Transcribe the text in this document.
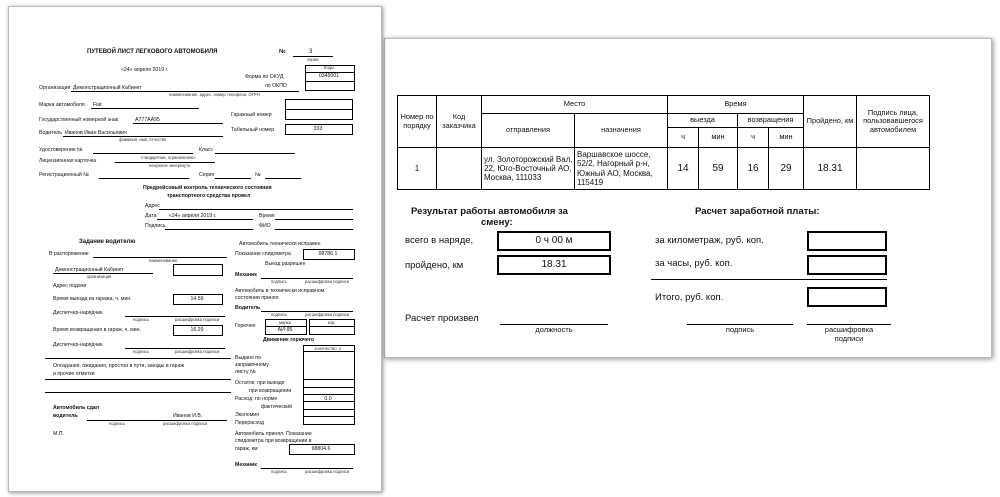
Номер по порядку	Код заказчика	Место		Время				Пройдено, км	Подпись лица, пользовавшегося автомобилем
		отправления	назначения	выезда		возвращения			
				ч	мин	ч	мин		
1		ул. Золоторожский Вал, 22, Юго-Восточный АО, Москва, 111033	Варшавское шоссе, 52/2, Нагорный р-н, Южный АО, Москва, 115419	14	59	16	29	18.31	
Результат работы автомобиля за
смену:
всего в наряде,	0 ч 00 м
пройдено, км	18.31
Расчет заработной платы:
за километраж, руб. коп.
за часы, руб. коп.
Итого, руб. коп.
Расчет произвел
должность	подпись	расшифровка
подписи
ПУТЕВОЙ ЛИСТ ЛЕГКОВОГО АВТОМОБИЛЯ	№	3
серия
«24» апреля 2019 г.	Коды
0345001
Форма по ОКУД
по ОКПО
Организация Демонстрационный Кабинет
наименование, адрес, номер телефона, ОГРН
Марка автомобиля Fiat
Гаражный номер
Государственный номерной знак	А777АА95
Табельный номер	333
Водитель Иванов Иван Васильевич
фамилия, имя, отчество
Удостоверение №	Класс
Лицензионная карточка
стандартная, ограниченная
ненужное зачеркнуть
Регистрационный №	Серия	№
Предрейсовый контроль технического состояния
транспортного средства провел
Адрес
Дата «24» апреля 2019 г.	Время
Подпись	ФИО
Задание водителю
В распоряжение
наименование
Демонстрационный Кабинет
организация
Адрес подачи
Время выезда из гаража, ч. мин.	14.59
Диспетчер-нарядчик
подпись	расшифровка подписи
Время возвращения в гараж, ч. мин.	16.29
Диспетчер-нарядчик
подпись	расшифровка подписи
Опоздания, ожидания, простои в пути, заезды в гараж
и прочие отметки
Автомобиль сдал
водитель	Иванов И.В.
подпись	расшифровка подписи
М.П.
Автомобиль технически исправен
Показание спидометра	98786.1
Выезд разрешен
Механик
подпись	расшифровка подписи
Автомобиль в технически исправном
состоянии принял
Водитель
подпись	расшифровка подписи
Горючее
марка
АИ-95
код
Движение горючего
количество, л
0.0
Выдано по
заправочному
листу №
Остаток: при выезде
при возвращении
Расход: по норме
фактический
Экономия
Перерасход
Автомобиль принял. Показание
спидометра при возвращении в
гараж, км	98804.6
Механик
подпись	расшифровка подписи
